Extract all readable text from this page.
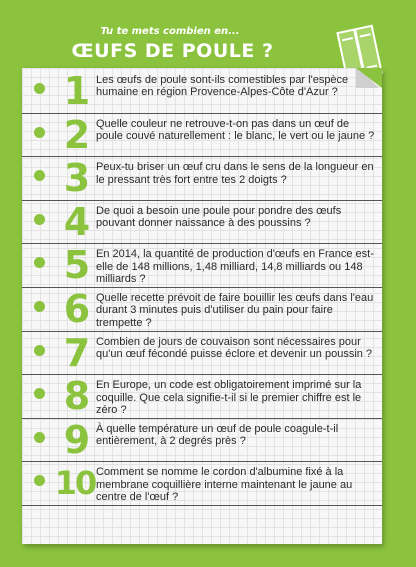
Tu te mets combien en...
ŒUFS DE POULE ?
1 Les œufs de poule sont-ils comestibles par l'espèce humaine en région Provence-Alpes-Côte d'Azur ?
2 Quelle couleur ne retrouve-t-on pas dans un œuf de poule couvé naturellement : le blanc, le vert ou le jaune ?
3 Peux-tu briser un œuf cru dans le sens de la longueur en le pressant très fort entre tes 2 doigts ?
4 De quoi a besoin une poule pour pondre des œufs pouvant donner naissance à des poussins ?
5 En 2014, la quantité de production d'œufs en France est-elle de 148 millions, 1,48 milliard, 14,8 milliards ou 148 milliards ?
6 Quelle recette prévoit de faire bouillir les œufs dans l'eau durant 3 minutes puis d'utiliser du pain pour faire trempette ?
7 Combien de jours de couvaison sont nécessaires pour qu'un œuf fécondé puisse éclore et devenir un poussin ?
8 En Europe, un code est obligatoirement imprimé sur la coquille. Que cela signifie-t-il si le premier chiffre est le zéro ?
9 À quelle température un œuf de poule coagule-t-il entièrement, à 2 degrés près ?
10 Comment se nomme le cordon d'albumine fixé à la membrane coquillière interne maintenant le jaune au centre de l'œuf ?
